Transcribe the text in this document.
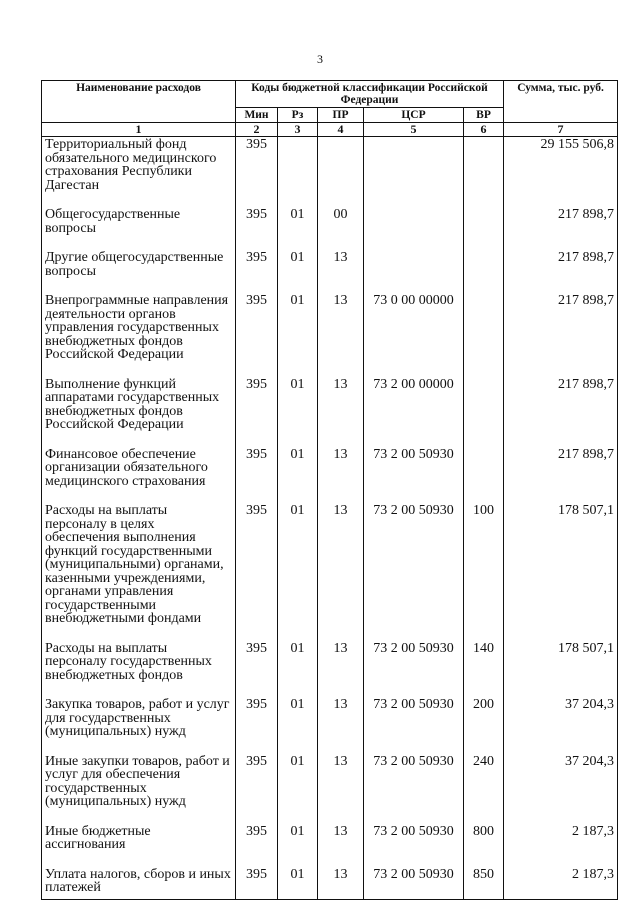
3
Наименование расходов	Коды бюджетной классификации Российской Федерации					Сумма, тыс. руб.
	Мин	Рз	ПР	ЦСР	ВР	
1	2	3	4	5	6	7
Территориальный фонд обязательного медицинского страхования Республики Дагестан	395					29 155 506,8
Общегосударственные вопросы	395	01	00			217 898,7
Другие общегосударственные вопросы	395	01	13			217 898,7
Внепрограммные направления деятельности органов управления государственных внебюджетных фондов Российской Федерации	395	01	13	73 0 00 00000		217 898,7
Выполнение функций аппаратами государственных внебюджетных фондов Российской Федерации	395	01	13	73 2 00 00000		217 898,7
Финансовое обеспечение организации обязательного медицинского страхования	395	01	13	73 2 00 50930		217 898,7
Расходы на выплаты персоналу в целях обеспечения выполнения функций государственными (муниципальными) органами, казенными учреждениями, органами управления государственными внебюджетными фондами	395	01	13	73 2 00 50930	100	178 507,1
Расходы на выплаты персоналу государственных внебюджетных фондов	395	01	13	73 2 00 50930	140	178 507,1
Закупка товаров, работ и услуг для государственных (муниципальных) нужд	395	01	13	73 2 00 50930	200	37 204,3
Иные закупки товаров, работ и услуг для обеспечения государственных (муниципальных) нужд	395	01	13	73 2 00 50930	240	37 204,3
Иные бюджетные ассигнования	395	01	13	73 2 00 50930	800	2 187,3
Уплата налогов, сборов и иных платежей	395	01	13	73 2 00 50930	850	2 187,3
